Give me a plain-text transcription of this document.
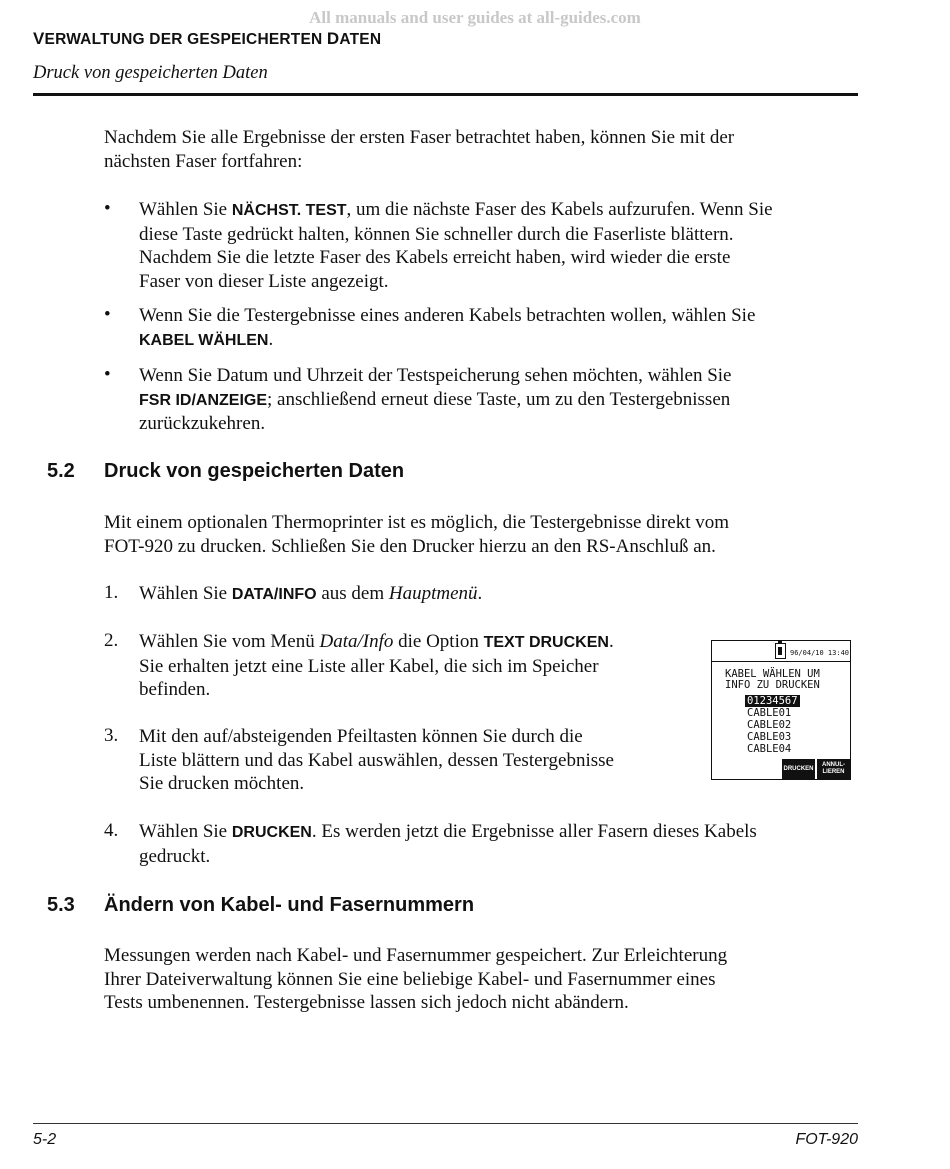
All manuals and user guides at all-guides.com
VERWALTUNG DER GESPEICHERTEN DATEN
Druck von gespeicherten Daten

Nachdem Sie alle Ergebnisse der ersten Faser betrachtet haben, können Sie mit der
nächsten Faser fortfahren:

• Wählen Sie NÄCHST. TEST, um die nächste Faser des Kabels aufzurufen. Wenn Sie
diese Taste gedrückt halten, können Sie schneller durch die Faserliste blättern.
Nachdem Sie die letzte Faser des Kabels erreicht haben, wird wieder die erste
Faser von dieser Liste angezeigt.

• Wenn Sie die Testergebnisse eines anderen Kabels betrachten wollen, wählen Sie
KABEL WÄHLEN.

• Wenn Sie Datum und Uhrzeit der Testspeicherung sehen möchten, wählen Sie
FSR ID/ANZEIGE; anschließend erneut diese Taste, um zu den Testergebnissen
zurückzukehren.

5.2 Druck von gespeicherten Daten

Mit einem optionalen Thermoprinter ist es möglich, die Testergebnisse direkt vom
FOT-920 zu drucken. Schließen Sie den Drucker hierzu an den RS-Anschluß an.

1. Wählen Sie DATA/INFO aus dem Hauptmenü.

2. Wählen Sie vom Menü Data/Info die Option TEXT DRUCKEN.
Sie erhalten jetzt eine Liste aller Kabel, die sich im Speicher
befinden.

3. Mit den auf/absteigenden Pfeiltasten können Sie durch die
Liste blättern und das Kabel auswählen, dessen Testergebnisse
Sie drucken möchten.

4. Wählen Sie DRUCKEN. Es werden jetzt die Ergebnisse aller Fasern dieses Kabels
gedruckt.

96/04/10 13:40
KABEL WÄHLEN UM
INFO ZU DRUCKEN
01234567
CABLE01
CABLE02
CABLE03
CABLE04
DRUCKEN
ANNUL-
LIEREN
5.3 Ändern von Kabel- und Fasernummern

Messungen werden nach Kabel- und Fasernummer gespeichert. Zur Erleichterung
Ihrer Dateiverwaltung können Sie eine beliebige Kabel- und Fasernummer eines
Tests umbenennen. Testergebnisse lassen sich jedoch nicht abändern.

5-2	FOT-920
